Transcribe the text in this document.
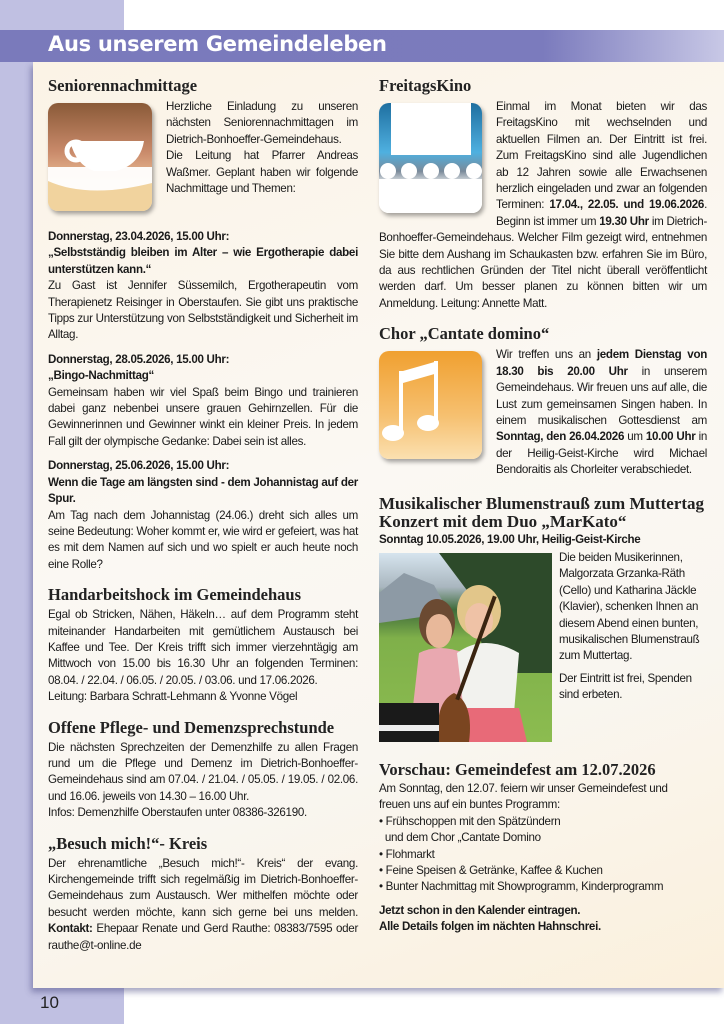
Aus unserem Gemeindeleben
Seniorennachmittage

Herzliche Einladung zu unseren nächsten Seniorennachmittagen im Dietrich-Bonhoeffer-Gemeindehaus. Die Leitung hat Pfarrer Andreas Waßmer. Geplant haben wir folgende Nachmittage und Themen:

Donnerstag, 23.04.2026, 15.00 Uhr:

„Selbstständig bleiben im Alter – wie Ergotherapie dabei unterstützen kann.“

Zu Gast ist Jennifer Süssemilch, Ergotherapeutin vom Therapienetz Reisinger in Oberstaufen. Sie gibt uns praktische Tipps zur Unterstützung von Selbstständigkeit und Sicherheit im Alltag.

Donnerstag, 28.05.2026, 15.00 Uhr:

„Bingo-Nachmittag“

Gemeinsam haben wir viel Spaß beim Bingo und trainieren dabei ganz nebenbei unsere grauen Gehirnzellen. Für die Gewinnerinnen und Gewinner winkt ein kleiner Preis. In jedem Fall gilt der olympische Gedanke: Dabei sein ist alles.

Donnerstag, 25.06.2026, 15.00 Uhr:

Wenn die Tage am längsten sind - dem Johannistag auf der Spur.

Am Tag nach dem Johannistag (24.06.) dreht sich alles um seine Bedeutung: Woher kommt er, wie wird er gefeiert, was hat es mit dem Namen auf sich und wo spielt er auch heute noch eine Rolle?

Handarbeitshock im Gemeindehaus

Egal ob Stricken, Nähen, Häkeln… auf dem Programm steht miteinander Handarbeiten mit gemütlichem Austausch bei Kaffee und Tee. Der Kreis trifft sich immer vierzehntägig am Mittwoch von 15.00 bis 16.30 Uhr an folgenden Terminen: 08.04. / 22.04. / 06.05. / 20.05. / 03.06. und 17.06.2026.

Leitung: Barbara Schratt-Lehmann & Yvonne Vögel

Offene Pflege- und Demenzsprechstunde

Die nächsten Sprechzeiten der Demenzhilfe zu allen Fragen rund um die Pflege und Demenz im Dietrich-Bonhoeffer-Gemeindehaus sind am 07.04. / 21.04. / 05.05. / 19.05. / 02.06. und 16.06. jeweils von 14.30 – 16.00 Uhr.

Infos: Demenzhilfe Oberstaufen unter 08386-326190.

„Besuch mich!“- Kreis

Der ehrenamtliche „Besuch mich!“- Kreis“ der evang. Kirchengemeinde trifft sich regelmäßig im Dietrich-Bonhoeffer-Gemeindehaus zum Austausch. Wer mithelfen möchte oder besucht werden möchte, kann sich gerne bei uns melden. Kontakt: Ehepaar Renate und Gerd Rauthe: 08383/7595 oder rauthe@t-online.de

FreitagsKino

Einmal im Monat bieten wir das FreitagsKino mit wechselnden und aktuellen Filmen an. Der Eintritt ist frei. Zum FreitagsKino sind alle Jugendlichen ab 12 Jahren sowie alle Erwachsenen herzlich eingeladen und zwar an folgenden Terminen: 17.04., 22.05. und 19.06.2026. Beginn ist immer um 19.30 Uhr im Dietrich-Bonhoeffer-Gemeindehaus. Welcher Film gezeigt wird, entnehmen Sie bitte dem Aushang im Schaukasten bzw. erfahren Sie im Büro, da aus rechtlichen Gründen der Titel nicht überall veröffentlicht werden darf. Um besser planen zu können bitten wir um Anmeldung. Leitung: Annette Matt.

Chor „Cantate domino“

Wir treffen uns an jedem Dienstag von 18.30 bis 20.00 Uhr in unserem Gemeindehaus. Wir freuen uns auf alle, die Lust zum gemeinsamen Singen haben. In einem musikalischen Gottesdienst am Sonntag, den 26.04.2026 um 10.00 Uhr in der Heilig-Geist-Kirche wird Michael Bendoraitis als Chorleiter verabschiedet.

Musikalischer Blumenstrauß zum Muttertag
Konzert mit dem Duo „MarKato“
Sonntag 10.05.2026, 19.00 Uhr, Heilig-Geist-Kirche

Die beiden Musikerinnen, Malgorzata Grzanka-Räth (Cello) und Katharina Jäckle (Klavier), schenken Ihnen an diesem Abend einen bunten, musikalischen Blumenstrauß zum Muttertag.

Der Eintritt ist frei, Spenden sind erbeten.

Vorschau: Gemeindefest am 12.07.2026

Am Sonntag, den 12.07. feiern wir unser Gemeindefest und freuen uns auf ein buntes Programm:

• Frühschoppen mit den Spätzündern
und dem Chor „Cantate Domino
• Flohmarkt
• Feine Speisen & Getränke, Kaffee & Kuchen
• Bunter Nachmittag mit Showprogramm, Kinderprogramm
Jetzt schon in den Kalender eintragen.
Alle Details folgen im nächten Hahnschrei.
10
